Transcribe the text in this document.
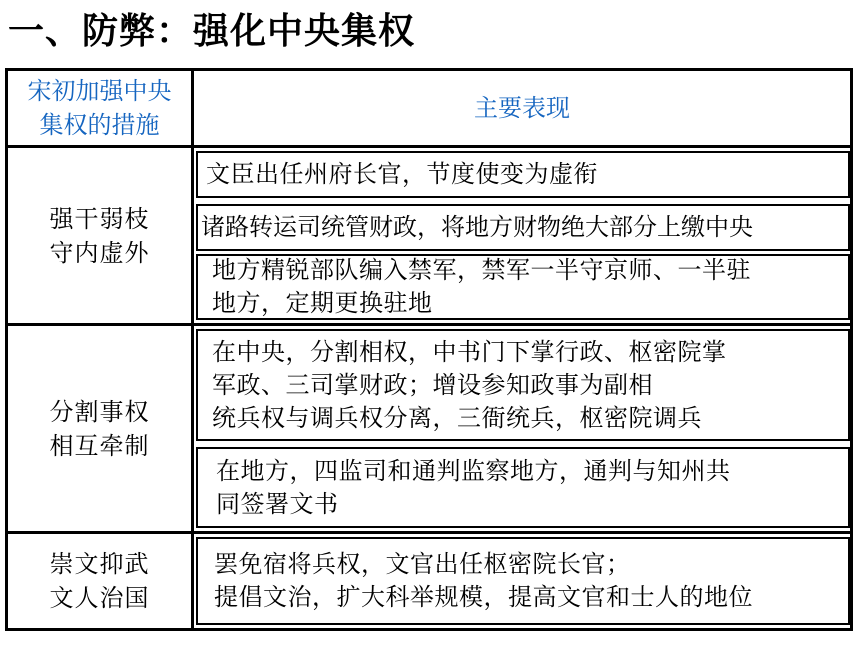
一、防弊：强化中央集权
宋初加强中央
集权的措施
主要表现
强干弱枝
守内虚外
文臣出任州府长官，节度使变为虚衔
诸路转运司统管财政，将地方财物绝大部分上缴中央
地方精锐部队编入禁军，禁军一半守京师、一半驻
地方，定期更换驻地
分割事权
相互牵制
在中央，分割相权，中书门下掌行政、枢密院掌
军政、三司掌财政；增设参知政事为副相
统兵权与调兵权分离，三衙统兵，枢密院调兵
在地方，四监司和通判监察地方，通判与知州共
同签署文书
崇文抑武
文人治国
罢免宿将兵权，文官出任枢密院长官；
提倡文治，扩大科举规模，提高文官和士人的地位
